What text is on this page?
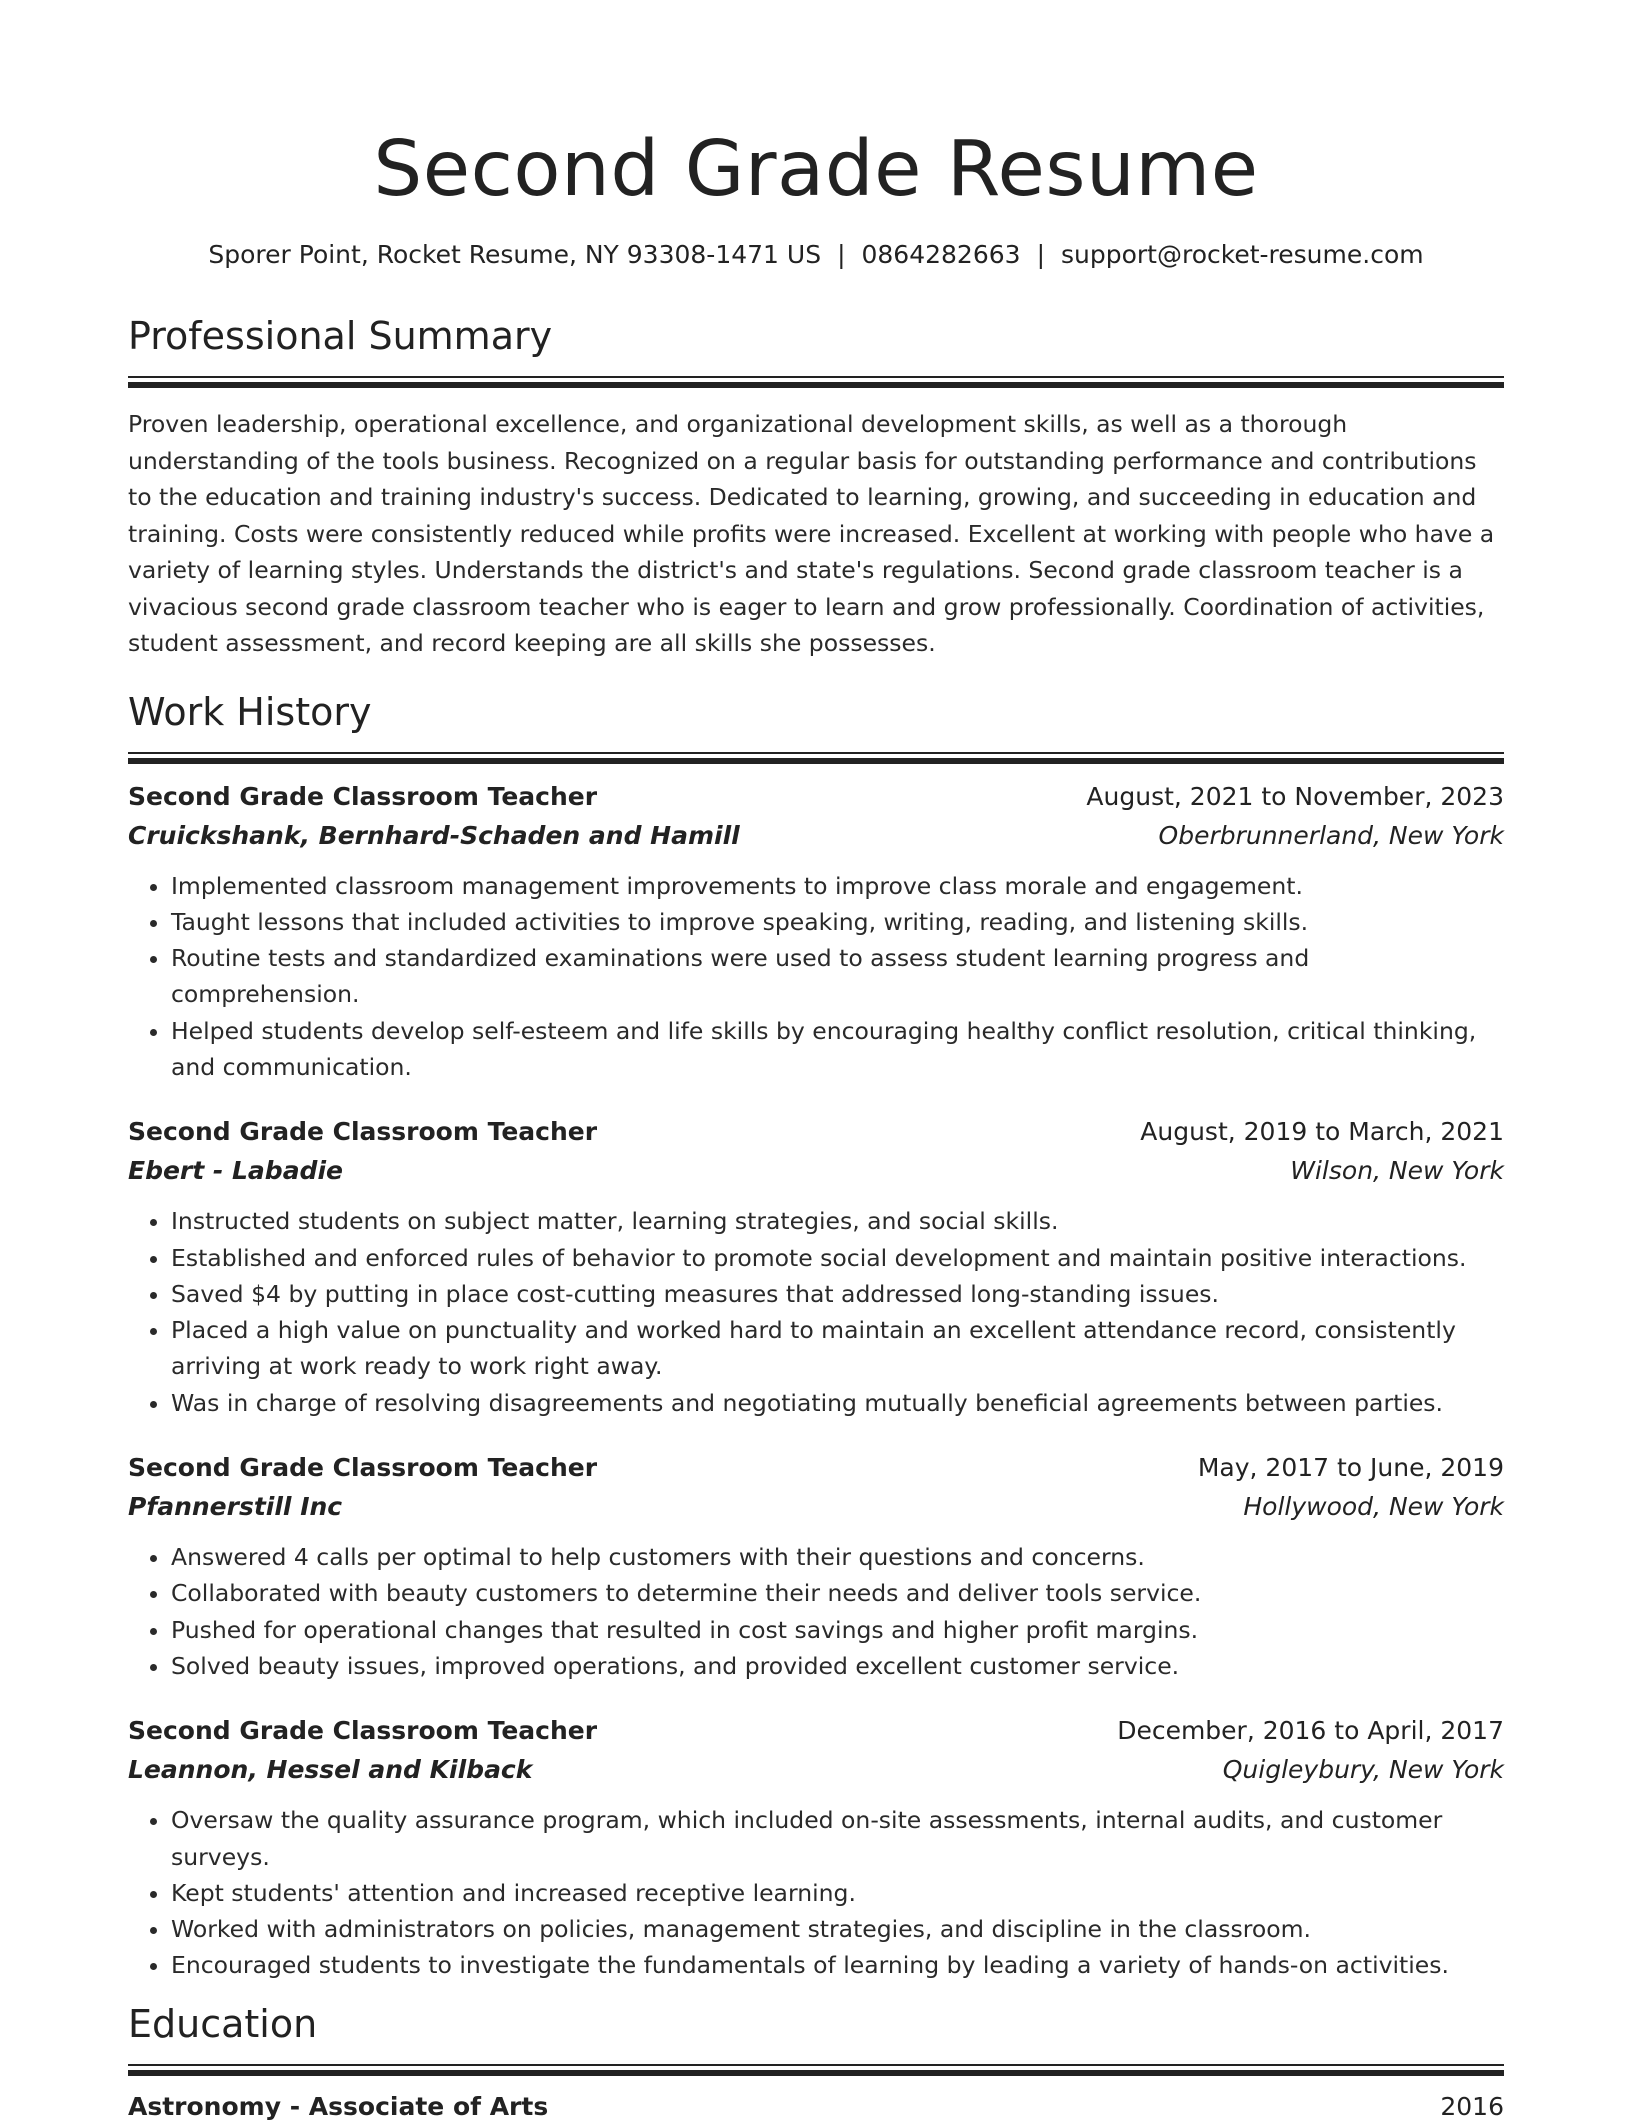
Second Grade Resume
Sporer Point, Rocket Resume, NY 93308-1471 US | 0864282663 | support@rocket-resume.com
Professional Summary

Proven leadership, operational excellence, and organizational development skills, as well as a thorough understanding of the tools business. Recognized on a regular basis for outstanding performance and contributions to the education and training industry's success. Dedicated to learning, growing, and succeeding in education and training. Costs were consistently reduced while profits were increased. Excellent at working with people who have a variety of learning styles. Understands the district's and state's regulations. Second grade classroom teacher is a vivacious second grade classroom teacher who is eager to learn and grow professionally. Coordination of activities, student assessment, and record keeping are all skills she possesses.

Work History
Second Grade Classroom Teacher	August, 2021 to November, 2023
Cruickshank, Bernhard-Schaden and Hamill	Oberbrunnerland, New York
• Implemented classroom management improvements to improve class morale and engagement.
• Taught lessons that included activities to improve speaking, writing, reading, and listening skills.
• Routine tests and standardized examinations were used to assess student learning progress and comprehension.
• Helped students develop self-esteem and life skills by encouraging healthy conflict resolution, critical thinking, and communication.
Second Grade Classroom Teacher	August, 2019 to March, 2021
Ebert - Labadie	Wilson, New York
• Instructed students on subject matter, learning strategies, and social skills.
• Established and enforced rules of behavior to promote social development and maintain positive interactions.
• Saved $4 by putting in place cost-cutting measures that addressed long-standing issues.
• Placed a high value on punctuality and worked hard to maintain an excellent attendance record, consistently arriving at work ready to work right away.
• Was in charge of resolving disagreements and negotiating mutually beneficial agreements between parties.
Second Grade Classroom Teacher	May, 2017 to June, 2019
Pfannerstill Inc	Hollywood, New York
• Answered 4 calls per optimal to help customers with their questions and concerns.
• Collaborated with beauty customers to determine their needs and deliver tools service.
• Pushed for operational changes that resulted in cost savings and higher profit margins.
• Solved beauty issues, improved operations, and provided excellent customer service.
Second Grade Classroom Teacher	December, 2016 to April, 2017
Leannon, Hessel and Kilback	Quigleybury, New York
• Oversaw the quality assurance program, which included on-site assessments, internal audits, and customer surveys.
• Kept students' attention and increased receptive learning.
• Worked with administrators on policies, management strategies, and discipline in the classroom.
• Encouraged students to investigate the fundamentals of learning by leading a variety of hands-on activities.
Education
Astronomy - Associate of Arts	2016
